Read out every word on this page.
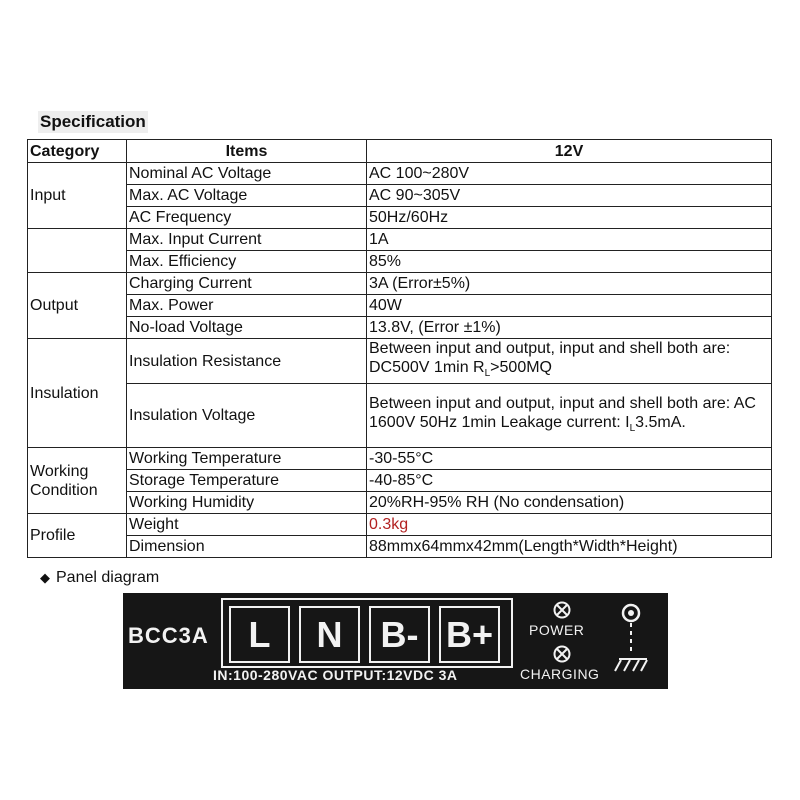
Specification
Category	Items	12V
Input	Nominal AC Voltage	AC 100~280V
	Max. AC Voltage	AC 90~305V
	AC Frequency	50Hz/60Hz
	Max. Input Current	1A
	Max. Efficiency	85%
Output	Charging Current	3A (Error±5%)
	Max. Power	40W
	No-load Voltage	13.8V, (Error ±1%)
Insulation	Insulation Resistance	Between input and output, input and shell both are: DC500V 1min $R_L>500MQ$
	Insulation Voltage	Between input and output, input and shell both are: AC 1600V 50Hz 1min Leakage current: $I_L3.5mA$.
Working Condition	Working Temperature	-30-55°C
	Storage Temperature	-40-85°C
	Working Humidity	20%RH-95% RH (No condensation)
Profile	Weight	0.3kg
	Dimension	88mmx64mmx42mm(Length*Width*Height)
◆ Panel diagram
BCC3A	L	N	B- B+
IN:100-280VAC OUTPUT:12VDC 3A
POWER
CHARGING
